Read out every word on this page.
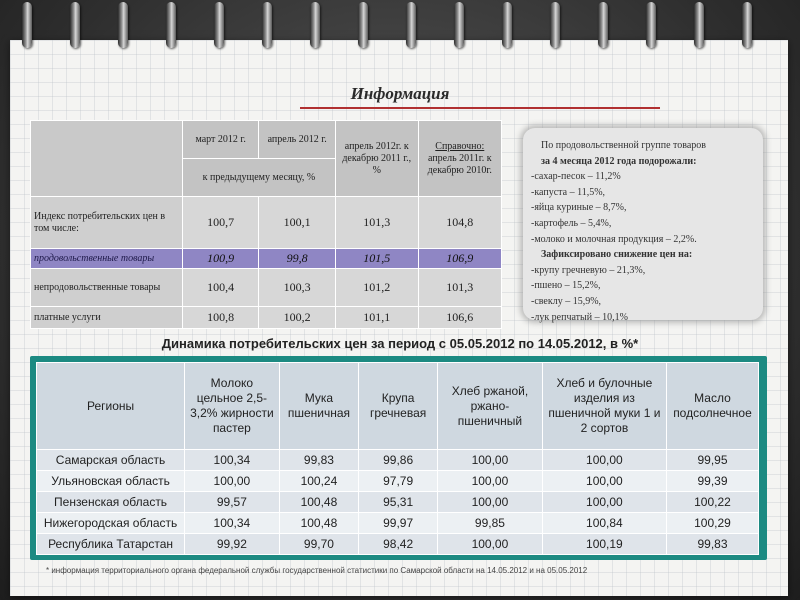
Информация
	март 2012 г.	апрель 2012 г.	апрель 2012г. к декабрю 2011 г., %	Справочно:
апрель 2011г. к декабрю 2010г.
	к предыдущему месяцу, %			
Индекс потребительских цен в том числе:	100,7	100,1	101,3	104,8
продовольственные товары	100,9	99,8	101,5	106,9
непродовольственные товары	100,4	100,3	101,2	101,3
платные услуги	100,8	100,2	101,1	106,6
По продовольственной группе товаров
за 4 месяца 2012 года подорожали:
-сахар-песок – 11,2%
-капуста – 11,5%,
-яйца куриные – 8,7%,
-картофель – 5,4%,
-молоко и молочная продукция – 2,2%.
Зафиксировано снижение цен на:
-крупу гречневую – 21,3%,
-пшено – 15,2%,
-свеклу – 15,9%,
-лук репчатый – 10,1%
Динамика потребительских цен за период с 05.05.2012 по 14.05.2012, в %*
Регионы	Молоко цельное 2,5-3,2% жирности пастер	Мука пшеничная	Крупа гречневая	Хлеб ржаной, ржано-пшеничный	Хлеб и булочные изделия из пшеничной муки 1 и 2 сортов	Масло подсолнечное
Самарская область	100,34	99,83	99,86	100,00	100,00	99,95
Ульяновская область	100,00	100,24	97,79	100,00	100,00	99,39
Пензенская область	99,57	100,48	95,31	100,00	100,00	100,22
Нижегородская область	100,34	100,48	99,97	99,85	100,84	100,29
Республика Татарстан	99,92	99,70	98,42	100,00	100,19	99,83
* информация территориального органа федеральной службы государственной статистики по Самарской области на 14.05.2012 и на 05.05.2012
